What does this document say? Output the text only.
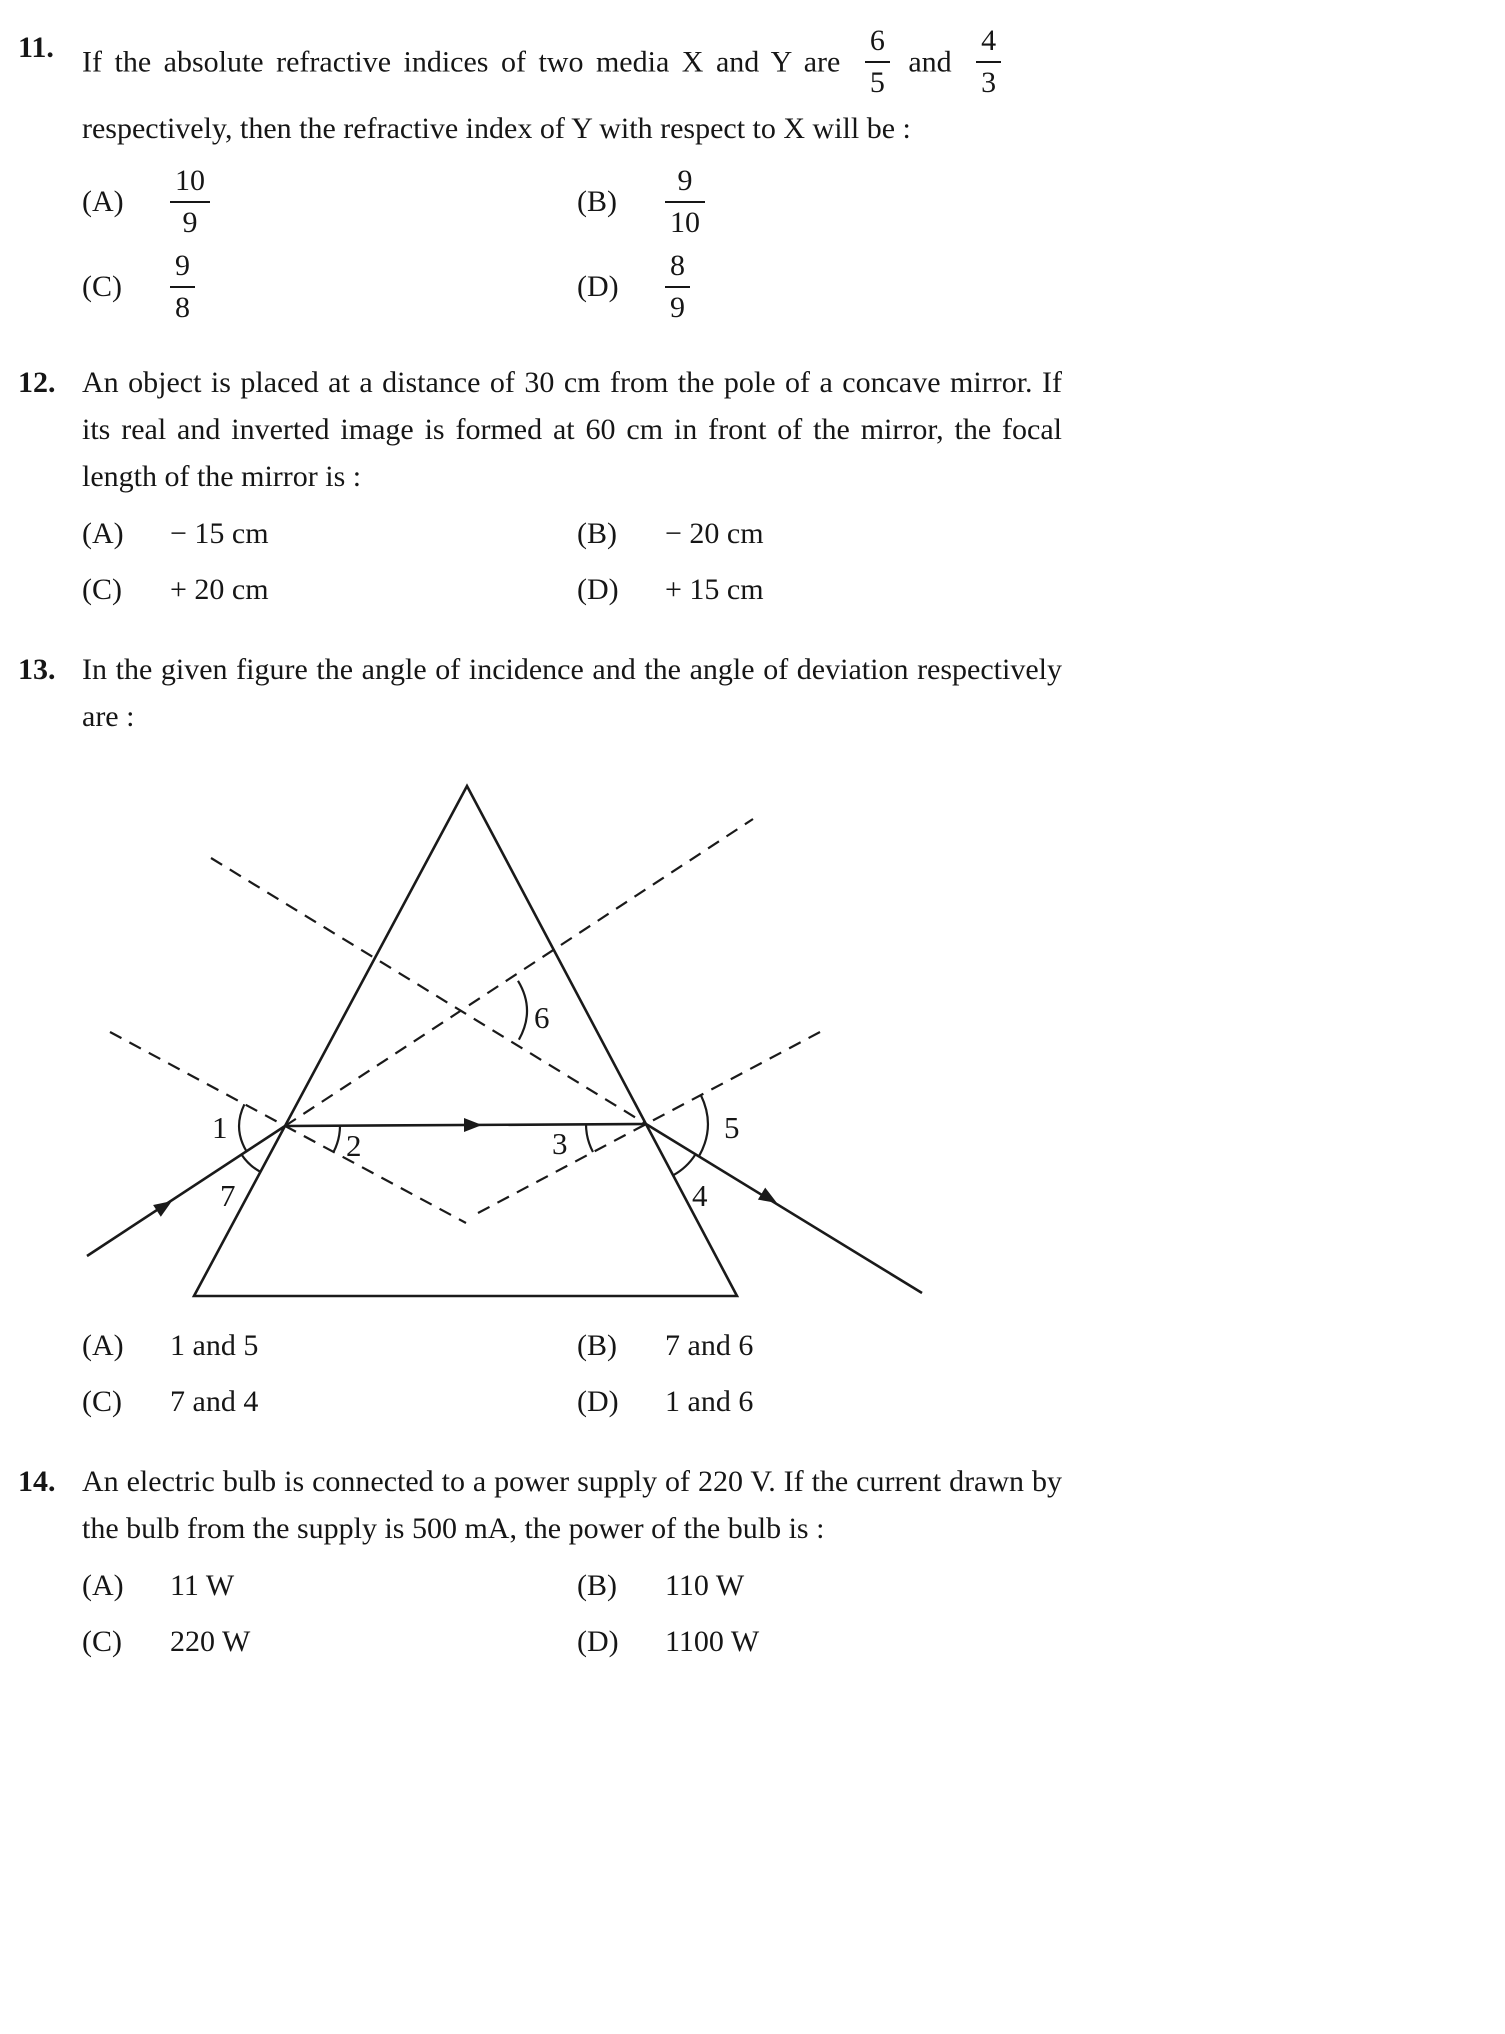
11. If the absolute refractive indices of two media X and Y are $\frac{6}{5}$ and $\frac{4}{3}$
respectively, then the refractive index of Y with respect to X will be :
(A)	$\frac{10}{9}$	(B)	$\frac{9}{10}$
(C)	$\frac{9}{8}$	(D)	$\frac{8}{9}$
12. An object is placed at a distance of 30 cm from the pole of a concave mirror. If its real and inverted image is formed at 60 cm in front of the mirror, the focal length of the mirror is :
(A)	− 15 cm	(B)	− 20 cm
(C)	+ 20 cm	(D)	+ 15 cm
13. In the given figure the angle of incidence and the angle of deviation respectively are :
1
2	3
4
5
6
7
(A)	1 and 5	(B)	7 and 6
(C)	7 and 4	(D)	1 and 6
14. An electric bulb is connected to a power supply of 220 V. If the current drawn by the bulb from the supply is 500 mA, the power of the bulb is :
(A)	11 W	(B)	110 W
(C)	220 W	(D)	1100 W
